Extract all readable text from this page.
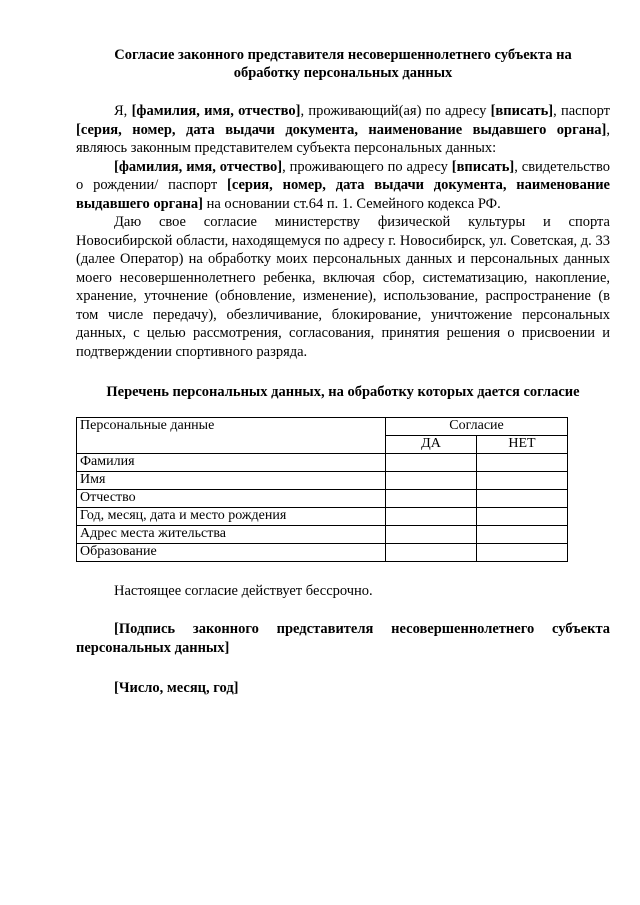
Согласие законного представителя несовершеннолетнего субъекта на
обработку персональных данных

Я, [фамилия, имя, отчество], проживающий(ая) по адресу [вписать], паспорт [серия, номер, дата выдачи документа, наименование выдавшего органа], являюсь законным представителем субъекта персональных данных:

[фамилия, имя, отчество], проживающего по адресу [вписать], свидетельство о рождении/ паспорт [серия, номер, дата выдачи документа, наименование выдавшего органа] на основании ст.64 п. 1. Семейного кодекса РФ.

Даю свое согласие министерству физической культуры и спорта Новосибирской области, находящемуся по адресу г. Новосибирск, ул. Советская, д. 33 (далее Оператор) на обработку моих персональных данных и персональных данных моего несовершеннолетнего ребенка, включая сбор, систематизацию, накопление, хранение, уточнение (обновление, изменение), использование, распространение (в том числе передачу), обезличивание, блокирование, уничтожение персональных данных, с целью рассмотрения, согласования, принятия решения о присвоении и подтверждении спортивного разряда.

Перечень персональных данных, на обработку которых дается согласие

Персональные данные	Согласие	
	ДА	НЕТ
Фамилия		
Имя		
Отчество		
Год, месяц, дата и место рождения		
Адрес места жительства		
Образование		

Настоящее согласие действует бессрочно.

[Подпись законного представителя несовершеннолетнего субъекта персональных данных]

[Число, месяц, год]
